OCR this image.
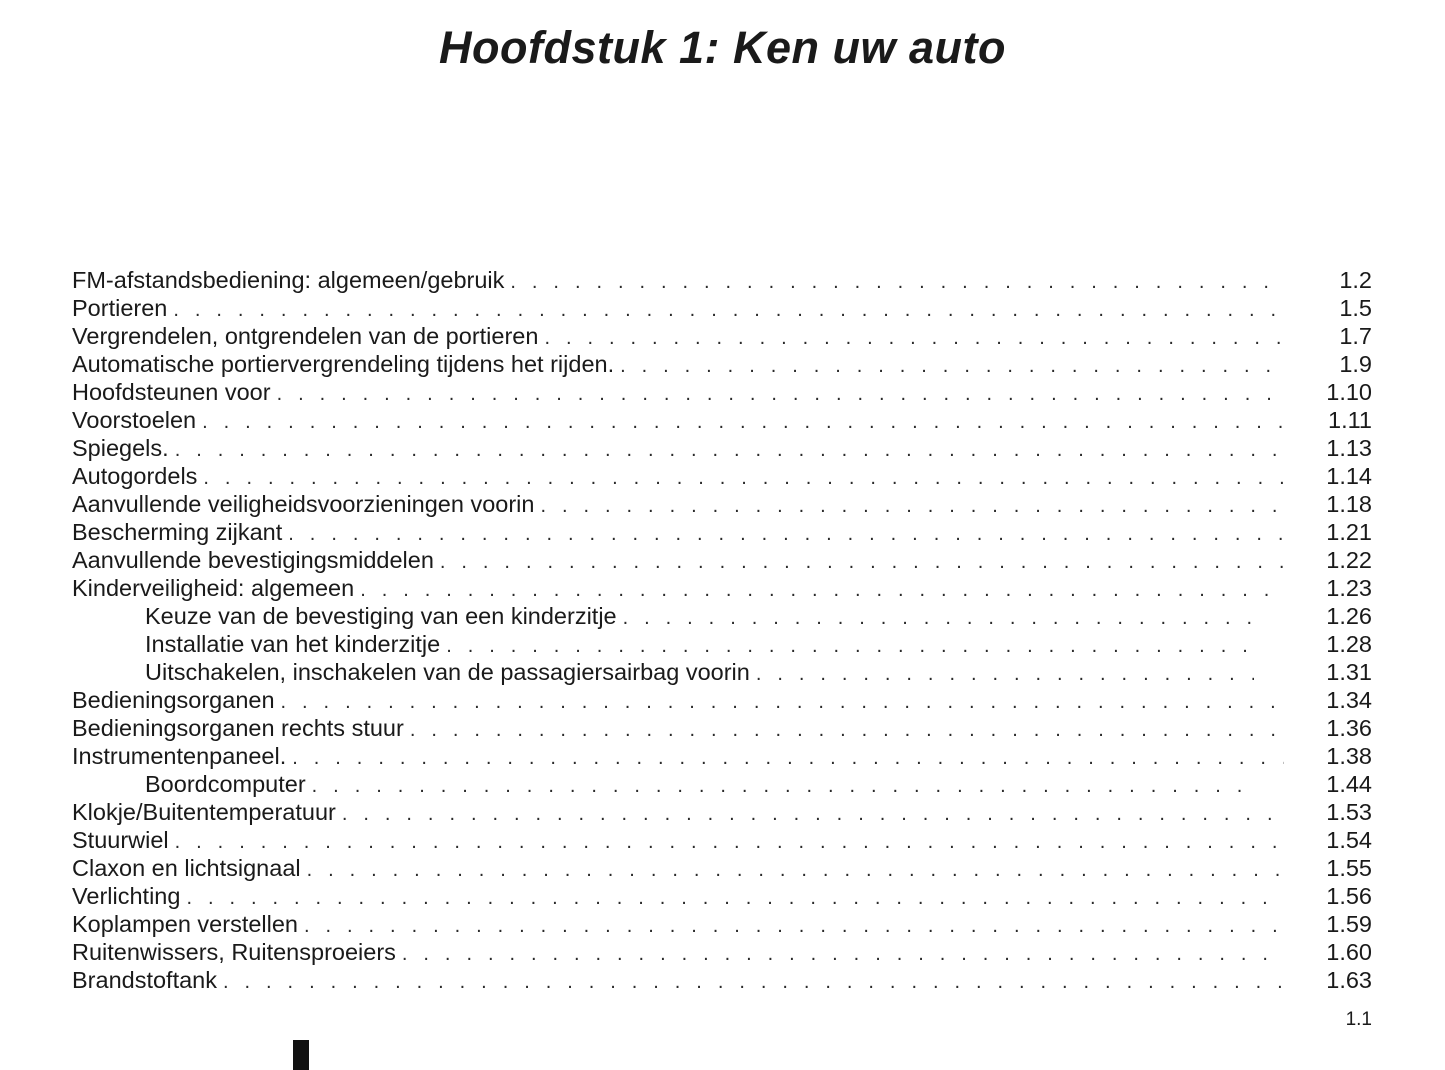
Hoofdstuk 1: Ken uw auto
FM-afstandsbediening: algemeen/gebruik . . .	1.2
Portieren . . .	1.5
Vergrendelen, ontgrendelen van de portieren . . .	1.7
Automatische portiervergrendeling tijdens het rijden. . . .	1.9
Hoofdsteunen voor . . .	1.10
Voorstoelen . . .	1.11
Spiegels. . . .	1.13
Autogordels . . .	1.14
Aanvullende veiligheidsvoorzieningen voorin . . .	1.18
Bescherming zijkant . . .	1.21
Aanvullende bevestigingsmiddelen . . .	1.22
Kinderveiligheid: algemeen . . .	1.23
Keuze van de bevestiging van een kinderzitje . . .	1.26
Installatie van het kinderzitje . . .	1.28
Uitschakelen, inschakelen van de passagiersairbag voorin . . .	1.31
Bedieningsorganen . . .	1.34
Bedieningsorganen rechts stuur . . .	1.36
Instrumentenpaneel. . . .	1.38
Boordcomputer . . .	1.44
Klokje/Buitentemperatuur . . .	1.53
Stuurwiel . . .	1.54
Claxon en lichtsignaal . . .	1.55
Verlichting . . .	1.56
Koplampen verstellen . . .	1.59
Ruitenwissers, Ruitensproeiers . . .	1.60
Brandstoftank . . .	1.63
1.1
